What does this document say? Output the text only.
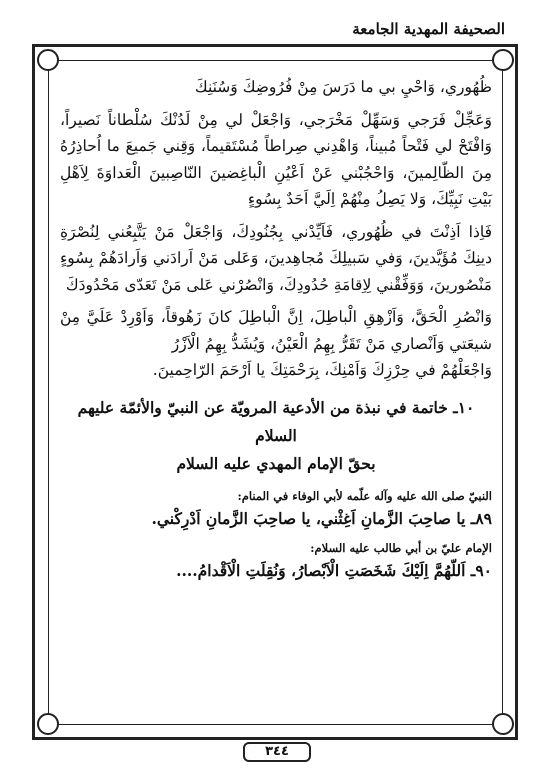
الصحيفة المهدية الجامعة

ظُهُوري، وَاحْيِ بي ما دَرَسَ مِنْ فُرُوضِكَ وَسُنَنِكَ

وَعَجِّلْ فَرَجي وَسَهِّلْ مَخْرَجي، وَاجْعَلْ لي مِنْ لَدُنْكَ سُلْطاناً نَصيراً، وَافْتَحْ لي فَتْحاً مُبيناً، وَاهْدِني صِراطاً مُسْتَقيماً، وَقِني جَميعَ ما اُحاذِرُهُ مِنَ الظّالِمينَ، وَاحْجُبْني عَنْ اَعْيُنِ الْباغِضينَ النّاصِبينَ الْعَداوَةَ لِاَهْلِ بَيْتِ نَبِيِّكَ، وَلا يَصِلُ مِنْهُمْ اِلَيَّ اَحَدٌ بِسُوءٍ

فَاِذا اَذِنْتَ في ظُهُوري، فَاَيِّدْني بِجُنُودِكَ، وَاجْعَلْ مَنْ يَتَّبِعُني لِنُصْرَةِ دينِكَ مُؤَيَّدينَ، وَفي سَبيلِكَ مُجاهِدينَ، وَعَلى مَنْ اَرادَني وَاَرادَهُمْ بِسُوءٍ مَنْصُورينَ، وَوَفِّقْني لِاِقامَةِ حُدُودِكَ، وَانْصُرْني عَلى مَنْ تَعَدّى مَحْدُودَكَ

وَانْصُرِ الْحَقَّ، وَاَزْهِقِ الْباطِلَ، اِنَّ الْباطِلَ كانَ زَهُوقاً، وَاَوْرِدْ عَلَيَّ مِنْ شيعَتي وَاَنْصاري مَنْ تَقَرُّ بِهِمُ الْعَيْنُ، وَيُشَدُّ بِهِمُ الْاَزْرُ

وَاجْعَلْهُمْ في حِرْزِكَ وَاَمْنِكَ، بِرَحْمَتِكَ يا اَرْحَمَ الرّاحِمينَ.

١٠ـ خاتمة في نبذة من الأدعية المرويّة عن النبيّ والأئمّة عليهم السلام

بحقّ الإمام المهدي عليه السلام

النبيّ صلى الله عليه وآله علّمه لأبي الوفاء في المنام:

٨٩ـ يا صاحِبَ الزَّمانِ اَغِثْني، يا صاحِبَ الزَّمانِ اَدْرِكْني.

الإمام عليّ بن أبي طالب عليه السلام:

٩٠ـ اَللّهُمَّ اِلَيْكَ شَخَصَتِ الْاَبْصارُ، وَنُقِلَتِ الْاَقْدامُ....

٣٤٤
